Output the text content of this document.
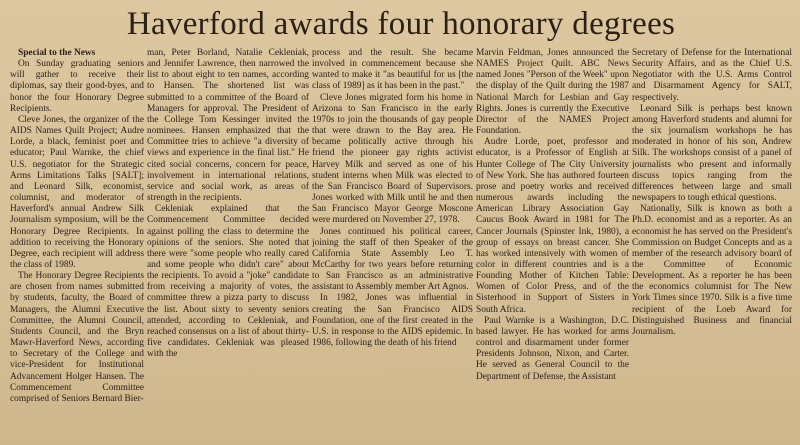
Haverford awards four honorary degrees

Special to the News

On Sunday graduating seniors will gather to receive their diplomas, say their good-byes, and honor the four Honorary Degree Recipients.

Cleve Jones, the organizer of the AIDS Names Quilt Project; Audre Lorde, a black, feminist poet and educator; Paul Warnke, the chief U.S. negotiator for the Strategic Arms Limitations Talks [SALT]; and Leonard Silk, economist, columnist, and moderator of Haverford's annual Andrew Silk Journalism symposium, will be the Honorary Degree Recipients. In addition to receiving the Honorary Degree, each recipient will address the class of 1989.

The Honorary Degree Recipients are chosen from names submitted by students, faculty, the Board of Managers, the Alumni Executive Committee, the Alumni Council, Students Council, and the Bryn Mawr-Haverford News, according to Secretary of the College and vice-President for Institutional Advancement Holger Hansen. The Commencement Committee comprised of Seniors Bernard Bier-

man, Peter Borland, Natalie Cekleniak, and Jennifer Lawrence, then narrowed the list to about eight to ten names, according to Hansen. The shortened list was submitted to a committee of the Board of Managers for approval. The President of the College Tom Kessinger invited the nominees. Hansen emphasized that the Committee tries to achieve "a diversity of views and experience in the final list." He cited social concerns, concern for peace, involvement in international relations, service and social work, as areas of strength in the recipients.

Cekleniak explained that the Commencement Committee decided against polling the class to determine the opinions of the seniors. She noted that there were "some people who really cared and some people who didn't care" about the recipients. To avoid a "joke" candidate from receiving a majority of votes, the committee threw a pizza party to discuss the list. About sixty to seventy seniors attended, according to Cekleniak, and reached consensus on a list of about thirty-five candidates. Cekleniak was pleased with the

process and the result. She became involved in commencement because she wanted to make it "as beautiful for us [the class of 1989] as it has been in the past."

Cleve Jones migrated form his home in Arizona to San Francisco in the early 1970s to join the thousands of gay people that were drawn to the Bay area. He became politically active through his friend the pioneer gay rights activist Harvey Milk and served as one of his student interns when Milk was elected to the San Francisco Board of Supervisors. Jones worked with Milk until he and then San Francisco Mayor George Moscone were murdered on November 27, 1978.

Jones continued his political career, joining the staff of then Speaker of the California State Assembly Leo T. McCarthy for two years before returning to San Francisco as an administrative assistant to Assembly member Art Agnos.

In 1982, Jones was influential in creating the San Francisco AIDS Foundation, one of the first created in the U.S. in response to the AIDS epidemic. In 1986, following the death of his friend

Marvin Feldman, Jones announced the NAMES Project Quilt. ABC News named Jones "Person of the Week" upon the display of the Quilt during the 1987 National March for Lesbian and Gay Rights. Jones is currently the Executive Director of the NAMES Project Foundation.

Audre Lorde, poet, professor and educator, is a Professor of English at Hunter College of The City University of New York. She has authored fourteen prose and poetry works and received numerous awards including the American Library Association Gay Caucus Book Award in 1981 for The Cancer Journals (Spinster Ink, 1980), a group of essays on breast cancer. She has worked intensively with women of color in different countries and is a Founding Mother of Kitchen Table: Women of Color Press, and of the Sisterhood in Support of Sisters in South Africa.

Paul Warnke is a Washington, D.C. based lawyer. He has worked for arms control and disarmament under former Presidents Johnson, Nixon, and Carter. He served as General Council to the Department of Defense, the Assistant

Secretary of Defense for the International Security Affairs, and as the Chief U.S. Negotiator with the U.S. Arms Control and Disarmament Agency for SALT, respectively.

Leonard Silk is perhaps best known among Haverford students and alumni for the six journalism workshops he has moderated in honor of his son, Andrew Silk. The workshops consist of a panel of journalists who present and informally discuss topics ranging from the differences between large and small newspapers to tough ethical questions.

Nationally, Silk is known as both a Ph.D. economist and as a reporter. As an economist he has served on the President's Commission on Budget Concepts and as a member of the research advisory board of the Committee of Economic Development. As a reporter he has been the economics columnist for The New York Times since 1970. Silk is a five time recipient of the Loeb Award for Distinguished Business and financial Journalism.
